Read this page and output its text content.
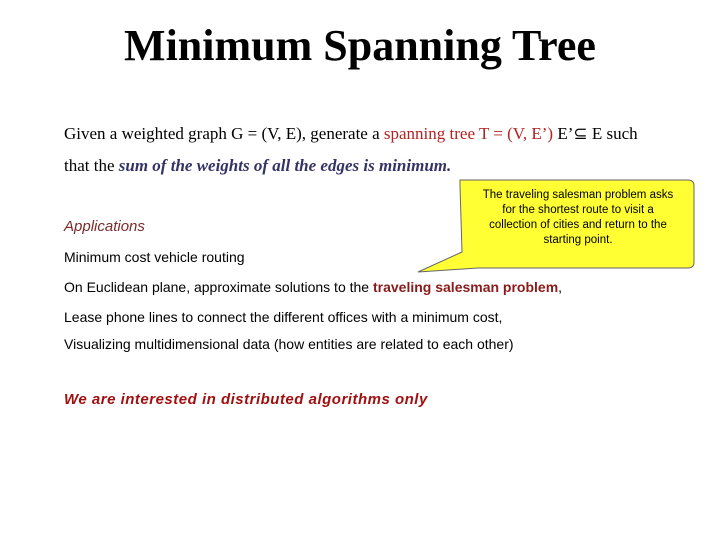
Minimum Spanning Tree
Given a weighted graph G = (V, E), generate a spanning tree T = (V, E’) E’⊆ E such
that the sum of the weights of all the edges is minimum.
Applications
Minimum cost vehicle routing
On Euclidean plane, approximate solutions to the traveling salesman problem,
Lease phone lines to connect the different offices with a minimum cost,
Visualizing multidimensional data (how entities are related to each other)
We are interested in distributed algorithms only
The traveling salesman problem asks for the shortest route to visit a collection of cities and return to the starting point.
